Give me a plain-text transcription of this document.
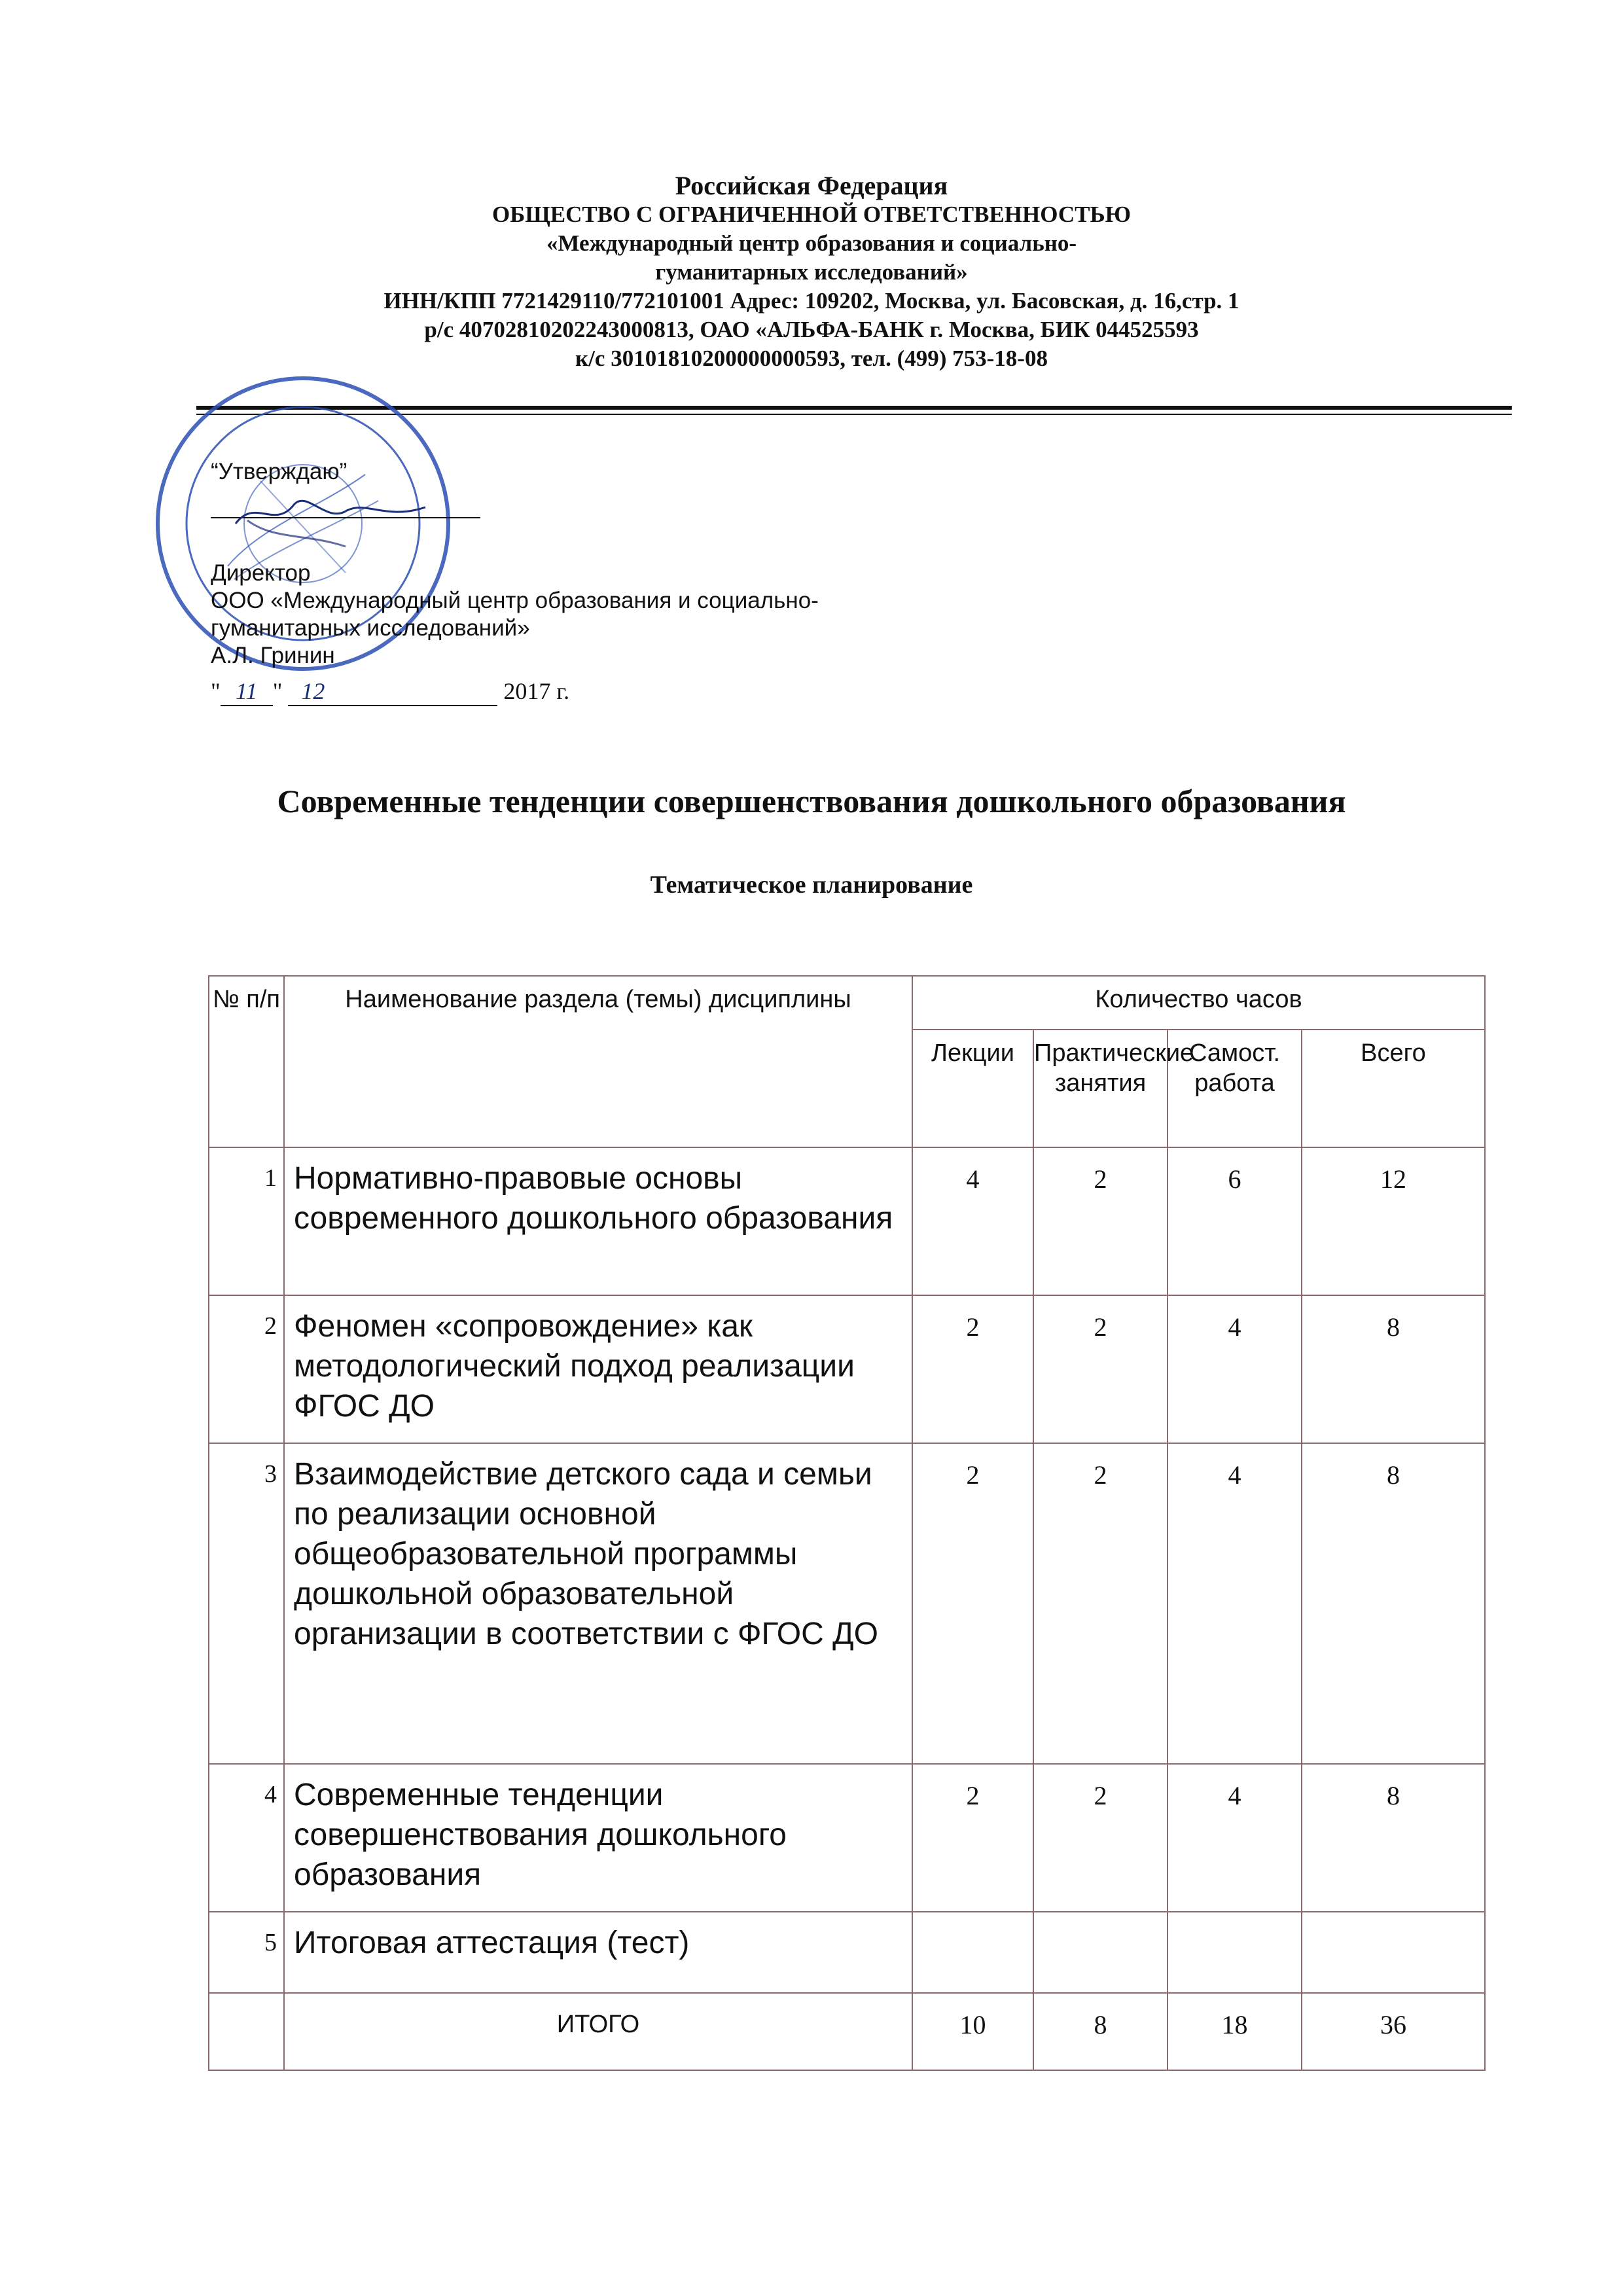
Российская Федерация
ОБЩЕСТВО С ОГРАНИЧЕННОЙ ОТВЕТСТВЕННОСТЬЮ
«Международный центр образования и социально-
гуманитарных исследований»
ИНН/КПП 7721429110/772101001 Адрес: 109202, Москва, ул. Басовская, д. 16,стр. 1
р/с 40702810202243000813, ОАО «АЛЬФА-БАНК г. Москва, БИК 044525593
к/с 30101810200000000593, тел. (499) 753-18-08
“Утверждаю”
Директор
ООО «Международный центр образования и социально-
гуманитарных исследований»
А.Л. Гринин
" 11 " 12	2017 г.
Современные тенденции совершенствования дошкольного образования
Тематическое планирование
№ п/п	Наименование раздела (темы) дисциплины	Количество часов			
		Лекции	Практические занятия	Самост. работа	Всего
1	Нормативно-правовые основы современного дошкольного образования	4	2	6	12
2	Феномен «сопровождение» как методологический подход реализации ФГОС ДО	2	2	4	8
3	Взаимодействие детского сада и семьи по реализации основной общеобразовательной программы дошкольной образовательной организации в соответствии с ФГОС ДО	2	2	4	8
4	Современные тенденции совершенствования дошкольного образования	2	2	4	8
5	Итоговая аттестация (тест)				
	ИТОГО	10	8	18	36
